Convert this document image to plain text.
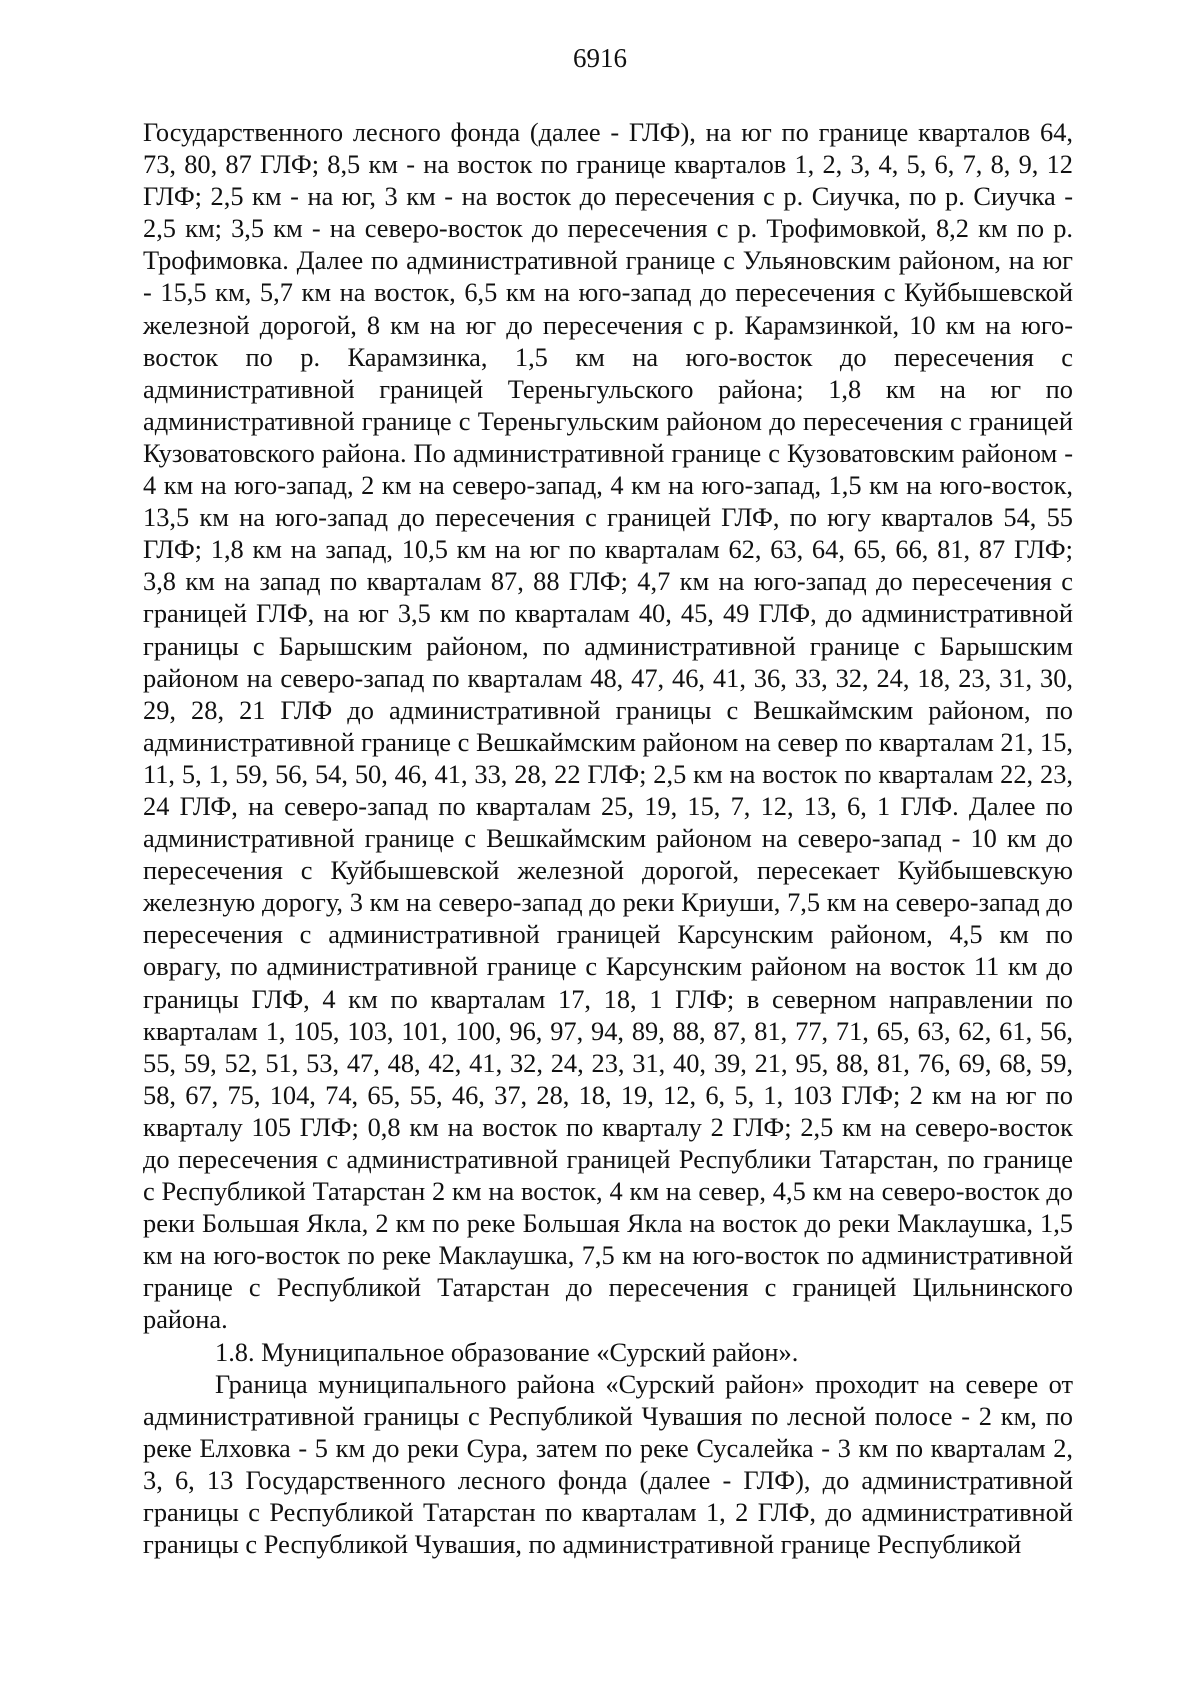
6916

Государственного лесного фонда (далее - ГЛФ), на юг по границе кварталов 64, 73, 80, 87 ГЛФ; 8,5 км - на восток по границе кварталов 1, 2, 3, 4, 5, 6, 7, 8, 9, 12 ГЛФ; 2,5 км - на юг, 3 км - на восток до пересечения с р. Сиучка, по р. Сиучка - 2,5 км; 3,5 км - на северо-восток до пересечения с р. Трофимовкой, 8,2 км по р. Трофимовка. Далее по административной границе с Ульяновским районом, на юг - 15,5 км, 5,7 км на восток, 6,5 км на юго-запад до пересечения с Куйбышевской железной дорогой, 8 км на юг до пересечения с р. Карамзинкой, 10 км на юго-восток по р. Карамзинка, 1,5 км на юго-восток до пересечения с административной границей Тереньгульского района; 1,8 км на юг по административной границе с Тереньгульским районом до пересечения с границей Кузоватовского района. По административной границе с Кузоватовским районом - 4 км на юго-запад, 2 км на северо-запад, 4 км на юго-запад, 1,5 км на юго-восток, 13,5 км на юго-запад до пересечения с границей ГЛФ, по югу кварталов 54, 55 ГЛФ; 1,8 км на запад, 10,5 км на юг по кварталам 62, 63, 64, 65, 66, 81, 87 ГЛФ; 3,8 км на запад по кварталам 87, 88 ГЛФ; 4,7 км на юго-запад до пересечения с границей ГЛФ, на юг 3,5 км по кварталам 40, 45, 49 ГЛФ, до административной границы с Барышским районом, по административной границе с Барышским районом на северо-запад по кварталам 48, 47, 46, 41, 36, 33, 32, 24, 18, 23, 31, 30, 29, 28, 21 ГЛФ до административной границы с Вешкаймским районом, по административной границе с Вешкаймским районом на север по кварталам 21, 15, 11, 5, 1, 59, 56, 54, 50, 46, 41, 33, 28, 22 ГЛФ; 2,5 км на восток по кварталам 22, 23, 24 ГЛФ, на северо-запад по кварталам 25, 19, 15, 7, 12, 13, 6, 1 ГЛФ. Далее по административной границе с Вешкаймским районом на северо-запад - 10 км до пересечения с Куйбышевской железной дорогой, пересекает Куйбышевскую железную дорогу, 3 км на северо-запад до реки Криуши, 7,5 км на северо-запад до пересечения с административной границей Карсунским районом, 4,5 км по оврагу, по административной границе с Карсунским районом на восток 11 км до границы ГЛФ, 4 км по кварталам 17, 18, 1 ГЛФ; в северном направлении по кварталам 1, 105, 103, 101, 100, 96, 97, 94, 89, 88, 87, 81, 77, 71, 65, 63, 62, 61, 56, 55, 59, 52, 51, 53, 47, 48, 42, 41, 32, 24, 23, 31, 40, 39, 21, 95, 88, 81, 76, 69, 68, 59, 58, 67, 75, 104, 74, 65, 55, 46, 37, 28, 18, 19, 12, 6, 5, 1, 103 ГЛФ; 2 км на юг по кварталу 105 ГЛФ; 0,8 км на восток по кварталу 2 ГЛФ; 2,5 км на северо-восток до пересечения с административной границей Республики Татарстан, по границе с Республикой Татарстан 2 км на восток, 4 км на север, 4,5 км на северо-восток до реки Большая Якла, 2 км по реке Большая Якла на восток до реки Маклаушка, 1,5 км на юго-восток по реке Маклаушка, 7,5 км на юго-восток по административной границе с Республикой Татарстан до пересечения с границей Цильнинского района.

1.8. Муниципальное образование «Сурский район».

Граница муниципального района «Сурский район» проходит на севере от административной границы с Республикой Чувашия по лесной полосе - 2 км, по реке Елховка - 5 км до реки Сура, затем по реке Сусалейка - 3 км по кварталам 2, 3, 6, 13 Государственного лесного фонда (далее - ГЛФ), до административной границы с Республикой Татарстан по кварталам 1, 2 ГЛФ, до административной границы с Республикой Чувашия, по административной границе Республикой
